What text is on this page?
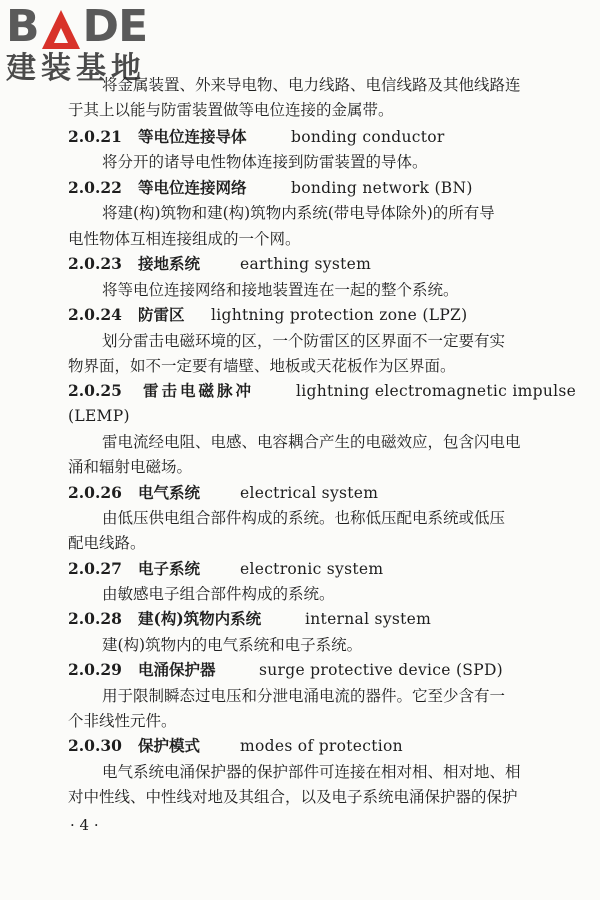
B DE
建装基地
将金属装置、外来导电物、电力线路、电信线路及其他线路连
于其上以能与防雷装置做等电位连接的金属带。
2.0.21 等电位连接导体	bonding conductor
将分开的诸导电性物体连接到防雷装置的导体。
2.0.22 等电位连接网络	bonding network (BN)
将建(构)筑物和建(构)筑物内系统(带电导体除外)的所有导
电性物体互相连接组成的一个网。
2.0.23 接地系统	earthing system
将等电位连接网络和接地装置连在一起的整个系统。
2.0.24 防雷区 lightning protection zone (LPZ)
划分雷击电磁环境的区，一个防雷区的区界面不一定要有实
物界面，如不一定要有墙壁、地板或天花板作为区界面。
2.0.25 雷击电磁脉冲	lightning electromagnetic impulse
(LEMP)
雷电流经电阻、电感、电容耦合产生的电磁效应，包含闪电电
涌和辐射电磁场。
2.0.26 电气系统	electrical system
由低压供电组合部件构成的系统。也称低压配电系统或低压
配电线路。
2.0.27 电子系统	electronic system
由敏感电子组合部件构成的系统。
2.0.28 建(构)筑物内系统	internal system
建(构)筑物内的电气系统和电子系统。
2.0.29 电涌保护器	surge protective device (SPD)
用于限制瞬态过电压和分泄电涌电流的器件。它至少含有一
个非线性元件。
2.0.30 保护模式	modes of protection
电气系统电涌保护器的保护部件可连接在相对相、相对地、相
对中性线、中性线对地及其组合，以及电子系统电涌保护器的保护
· 4 ·
